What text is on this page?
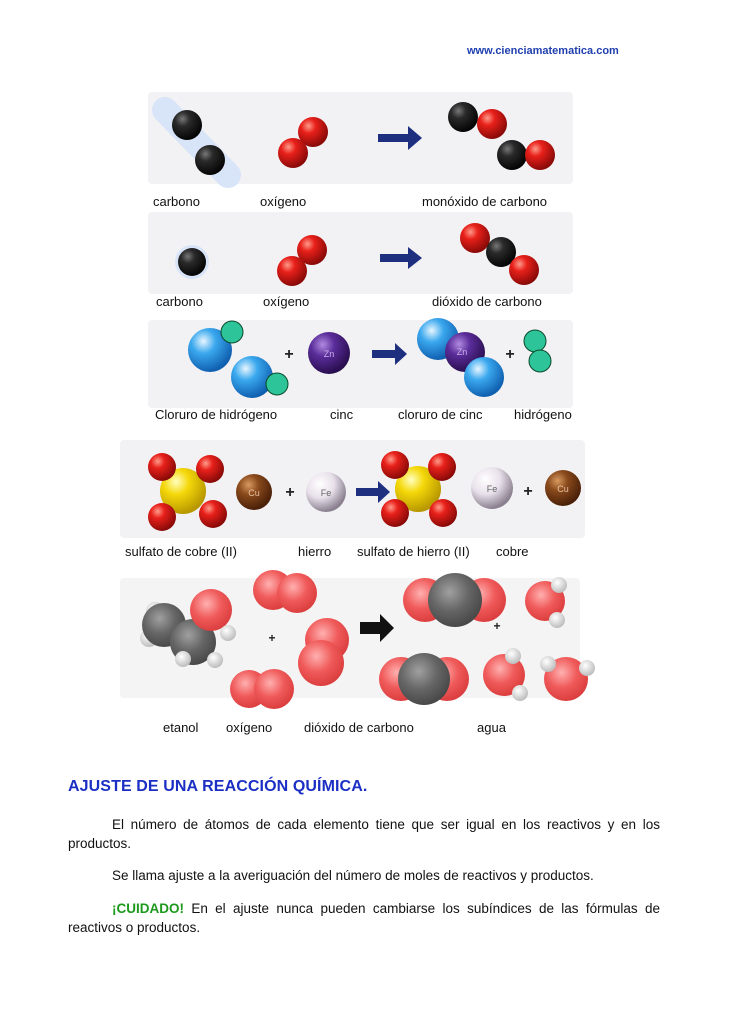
www.cienciamatematica.com
+	Zn	Zn +
Cu +	Fe	Fe +	Cu
+
+
carbono	oxígeno	monóxido de carbono
carbono	oxígeno	dióxido de carbono
Cloruro de hidrógeno	cinc	cloruro de cinc hidrógeno
sulfato de cobre (II)	hierro sulfato de hierro (II) cobre
etanol oxígeno dióxido de carbono	agua
AJUSTE DE UNA REACCIÓN QUÍMICA.
El número de átomos de cada elemento tiene que ser igual en los reactivos y en los productos.
Se llama ajuste a la averiguación del número de moles de reactivos y productos.
¡CUIDADO! En el ajuste nunca pueden cambiarse los subíndices de las fórmulas de reactivos o productos.
